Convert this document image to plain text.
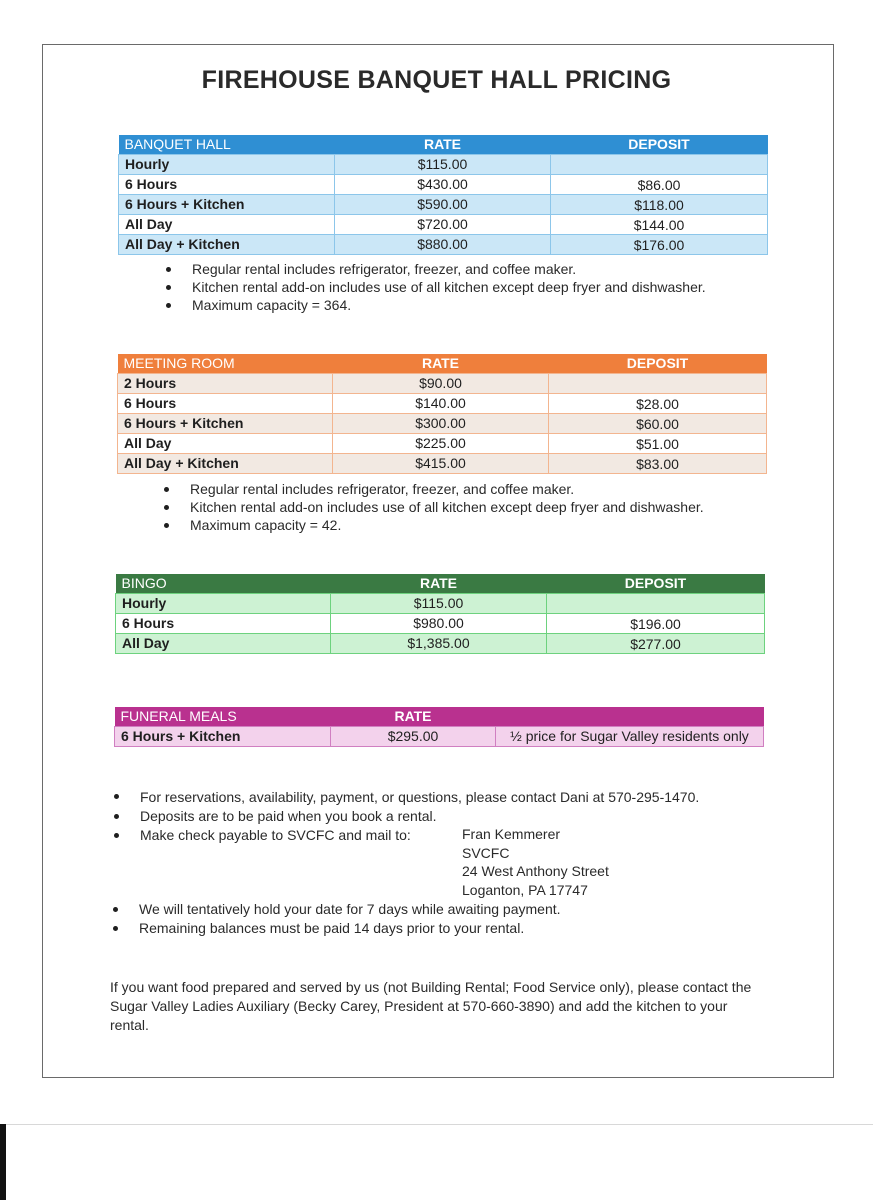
FIREHOUSE BANQUET HALL PRICING
BANQUET HALL	RATE	DEPOSIT
Hourly	$115.00	
6 Hours	$430.00	$86.00
6 Hours + Kitchen	$590.00	$118.00
All Day	$720.00	$144.00
All Day + Kitchen	$880.00	$176.00
Regular rental includes refrigerator, freezer, and coffee maker.
Kitchen rental add-on includes use of all kitchen except deep fryer and dishwasher.
Maximum capacity = 364.
MEETING ROOM	RATE	DEPOSIT
2 Hours	$90.00	
6 Hours	$140.00	$28.00
6 Hours + Kitchen	$300.00	$60.00
All Day	$225.00	$51.00
All Day + Kitchen	$415.00	$83.00
Regular rental includes refrigerator, freezer, and coffee maker.
Kitchen rental add-on includes use of all kitchen except deep fryer and dishwasher.
Maximum capacity = 42.
BINGO	RATE	DEPOSIT
Hourly	$115.00	
6 Hours	$980.00	$196.00
All Day	$1,385.00	$277.00
FUNERAL MEALS	RATE	
6 Hours + Kitchen	$295.00	½ price for Sugar Valley residents only
For reservations, availability, payment, or questions, please contact Dani at 570-295-1470.
Deposits are to be paid when you book a rental.
Make check payable to SVCFC and mail to:	Fran Kemmerer
SVCFC
24 West Anthony Street
Loganton, PA 17747
We will tentatively hold your date for 7 days while awaiting payment.
Remaining balances must be paid 14 days prior to your rental.
If you want food prepared and served by us (not Building Rental; Food Service only), please contact the Sugar Valley Ladies Auxiliary (Becky Carey, President at 570-660-3890) and add the kitchen to your rental.
